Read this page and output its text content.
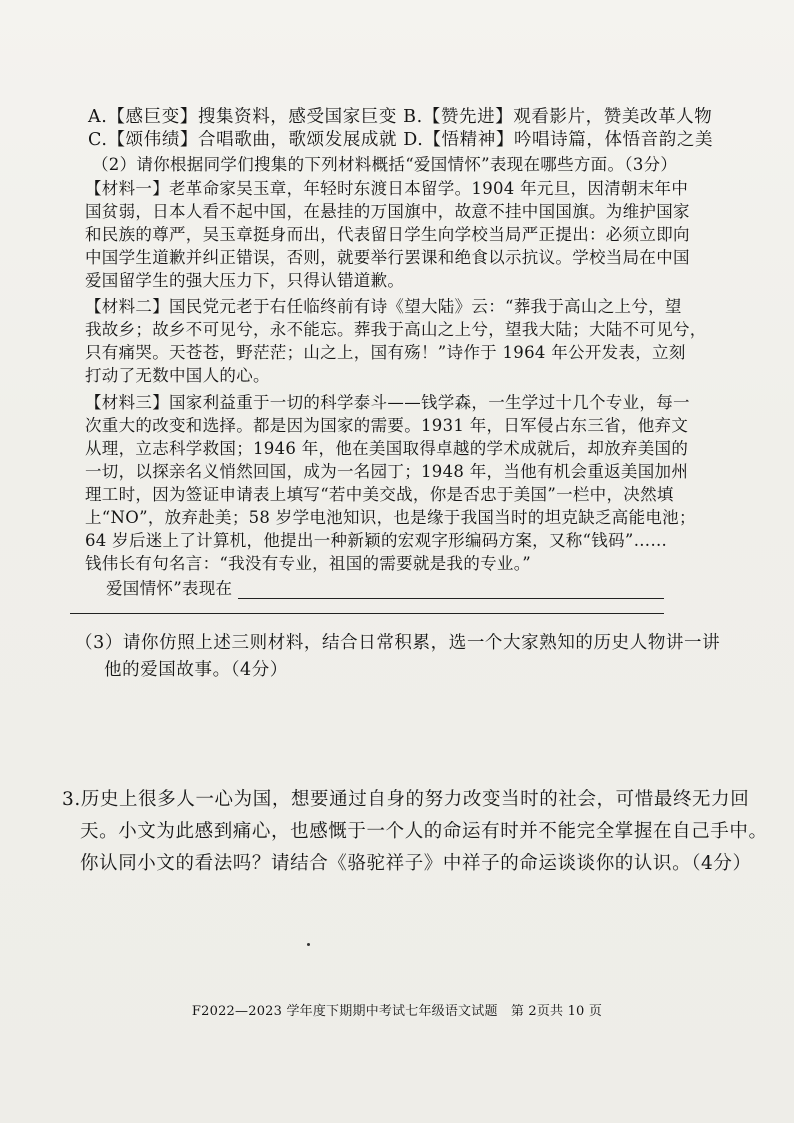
A.【感巨变】搜集资料，感受国家巨变 B.【赞先进】观看影片，赞美改革人物
C.【颂伟绩】合唱歌曲，歌颂发展成就 D.【悟精神】吟唱诗篇，体悟音韵之美
（2）请你根据同学们搜集的下列材料概括“爱国情怀”表现在哪些方面。（3分）
【材料一】老革命家吴玉章，年轻时东渡日本留学。1904 年元旦，因清朝末年中
国贫弱，日本人看不起中国，在悬挂的万国旗中，故意不挂中国国旗。为维护国家
和民族的尊严，吴玉章挺身而出，代表留日学生向学校当局严正提出：必须立即向
中国学生道歉并纠正错误，否则，就要举行罢课和绝食以示抗议。学校当局在中国
爱国留学生的强大压力下，只得认错道歉。
【材料二】国民党元老于右任临终前有诗《望大陆》云：“葬我于高山之上兮，望
我故乡；故乡不可见兮，永不能忘。葬我于高山之上兮，望我大陆；大陆不可见兮，
只有痛哭。天苍苍，野茫茫；山之上，国有殇！”诗作于 1964 年公开发表，立刻
打动了无数中国人的心。
【材料三】国家利益重于一切的科学泰斗——钱学森，一生学过十几个专业，每一
次重大的改变和选择。都是因为国家的需要。1931 年，日军侵占东三省，他弃文
从理，立志科学救国；1946 年，他在美国取得卓越的学术成就后，却放弃美国的
一切，以探亲名义悄然回国，成为一名园丁；1948 年，当他有机会重返美国加州
理工时，因为签证申请表上填写“若中美交战，你是否忠于美国”一栏中，决然填
上“NO”，放弃赴美；58 岁学电池知识，也是缘于我国当时的坦克缺乏高能电池；
64 岁后迷上了计算机，他提出一种新颖的宏观字形编码方案，又称“钱码”……
钱伟长有句名言：“我没有专业，祖国的需要就是我的专业。”
爱国情怀”表现在
（3）请你仿照上述三则材料，结合日常积累，选一个大家熟知的历史人物讲一讲
他的爱国故事。（4分）
3.历史上很多人一心为国，想要通过自身的努力改变当时的社会，可惜最终无力回
天。小文为此感到痛心，也感慨于一个人的命运有时并不能完全掌握在自己手中。
你认同小文的看法吗？请结合《骆驼祥子》中祥子的命运谈谈你的认识。（4分）
F2022—2023 学年度下期期中考试七年级语文试题　第 2页共 10 页
